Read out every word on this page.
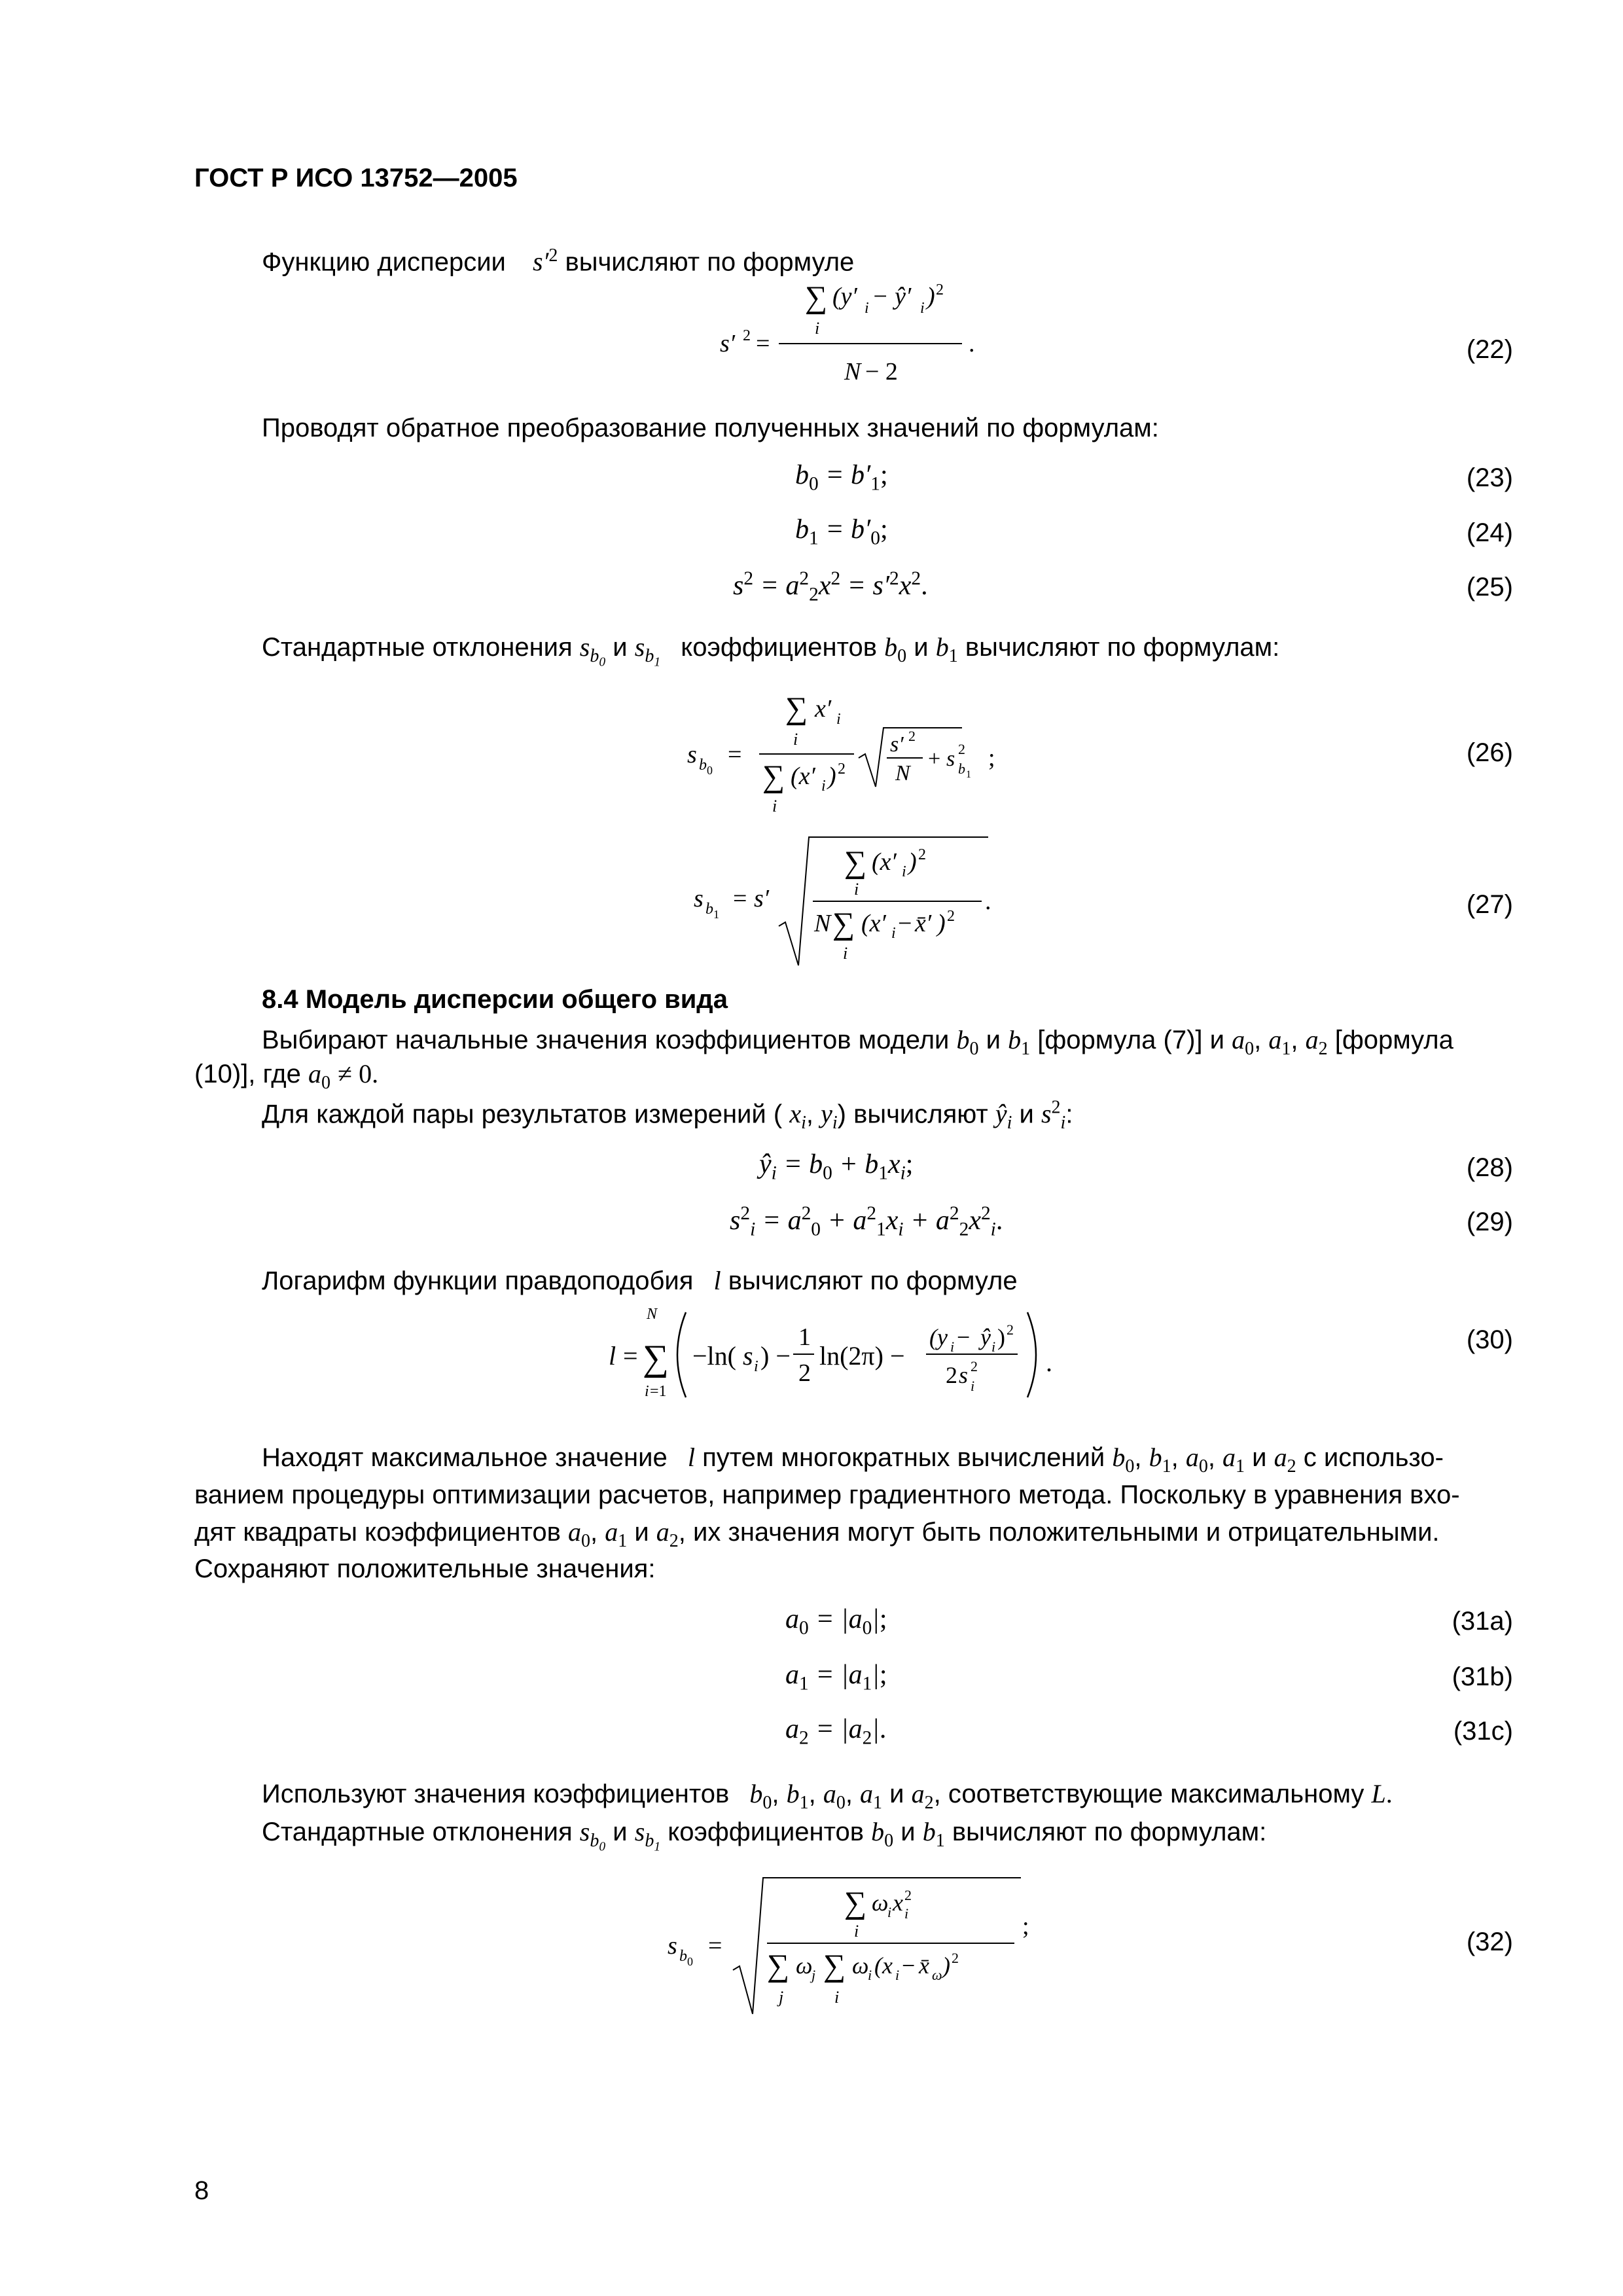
ГОСТ Р ИСО 13752—2005
Функцию дисперсии $s'^2$ вычисляют по формуле
∑ (y′ i − ŷ′ i ) 2
i
s′ 2 =	.
N − 2
(22)
Проводят обратное преобразование полученных значений по формулам:
$b_0 = b'_1$;	(23)
$b_1 = b'_0$;	(24)
$s^2 = a^2_2x^2 = s'^2x^2$.	(25)
Стандартные отклонения $s_{b_0}$ и $s_{b_1}$ коэффициентов $b_0$ и $b_1$ вычисляют по формулам:
∑ x′ i
i
s b 0
=
∑ (x′ i ) 2
i
s′ 2
N
+ s 2
b 1
;	(26)
s b 1
= s′
∑ (x′ i ) 2
i
N ∑ (x′ i − x̄′ ) 2
i
.	(27)
8.4 Модель дисперсии общего вида
Выбирают начальные значения коэффициентов модели $b_0$ и $b_1$ [формула (7)] и $a_0$, $a_1$, $a_2$ [формула
(10)], где $a_0 \ne 0$.
Для каждой пары результатов измерений ( $x_i$, $y_i$) вычисляют $ŷ_i$ и $s^2_i$:
$ŷ_i = b_0 + b_1x_i$;	(28)
$s^2_i = a^2_0 + a^2_1x_i + a^2_2x^2_i$.	(29)
Логарифм функции правдоподобия l вычисляют по формуле
l =
N
∑
i =1
−ln( s i ) −
1
2
ln(2π) −
(y i − ŷ i ) 2
2 s 2
i
.
(30)
Находят максимальное значение l путем многократных вычислений $b_0$, $b_1$, $a_0$, $a_1$ и $a_2$ с использо-
ванием процедуры оптимизации расчетов, например градиентного метода. Поскольку в уравнения вхо-
дят квадраты коэффициентов $a_0$, $a_1$ и $a_2$, их значения могут быть положительными и отрицательными.
Сохраняют положительные значения:
$a_0 = |a_0|$;	(31a)
$a_1 = |a_1|$;	(31b)
$a_2 = |a_2|$.	(31c)
Используют значения коэффициентов $b_0$, $b_1$, $a_0$, $a_1$ и $a_2$, соответствующие максимальному L.
Стандартные отклонения $s_{b_0}$ и $s_{b_1}$ коэффициентов $b_0$ и $b_1$ вычисляют по формулам:
s b 0
=
∑ ω
i x 2
i
i
∑ ω
j ∑ ω
i (x i − x̄ ω ) 2
j	i
;
(32)
8
